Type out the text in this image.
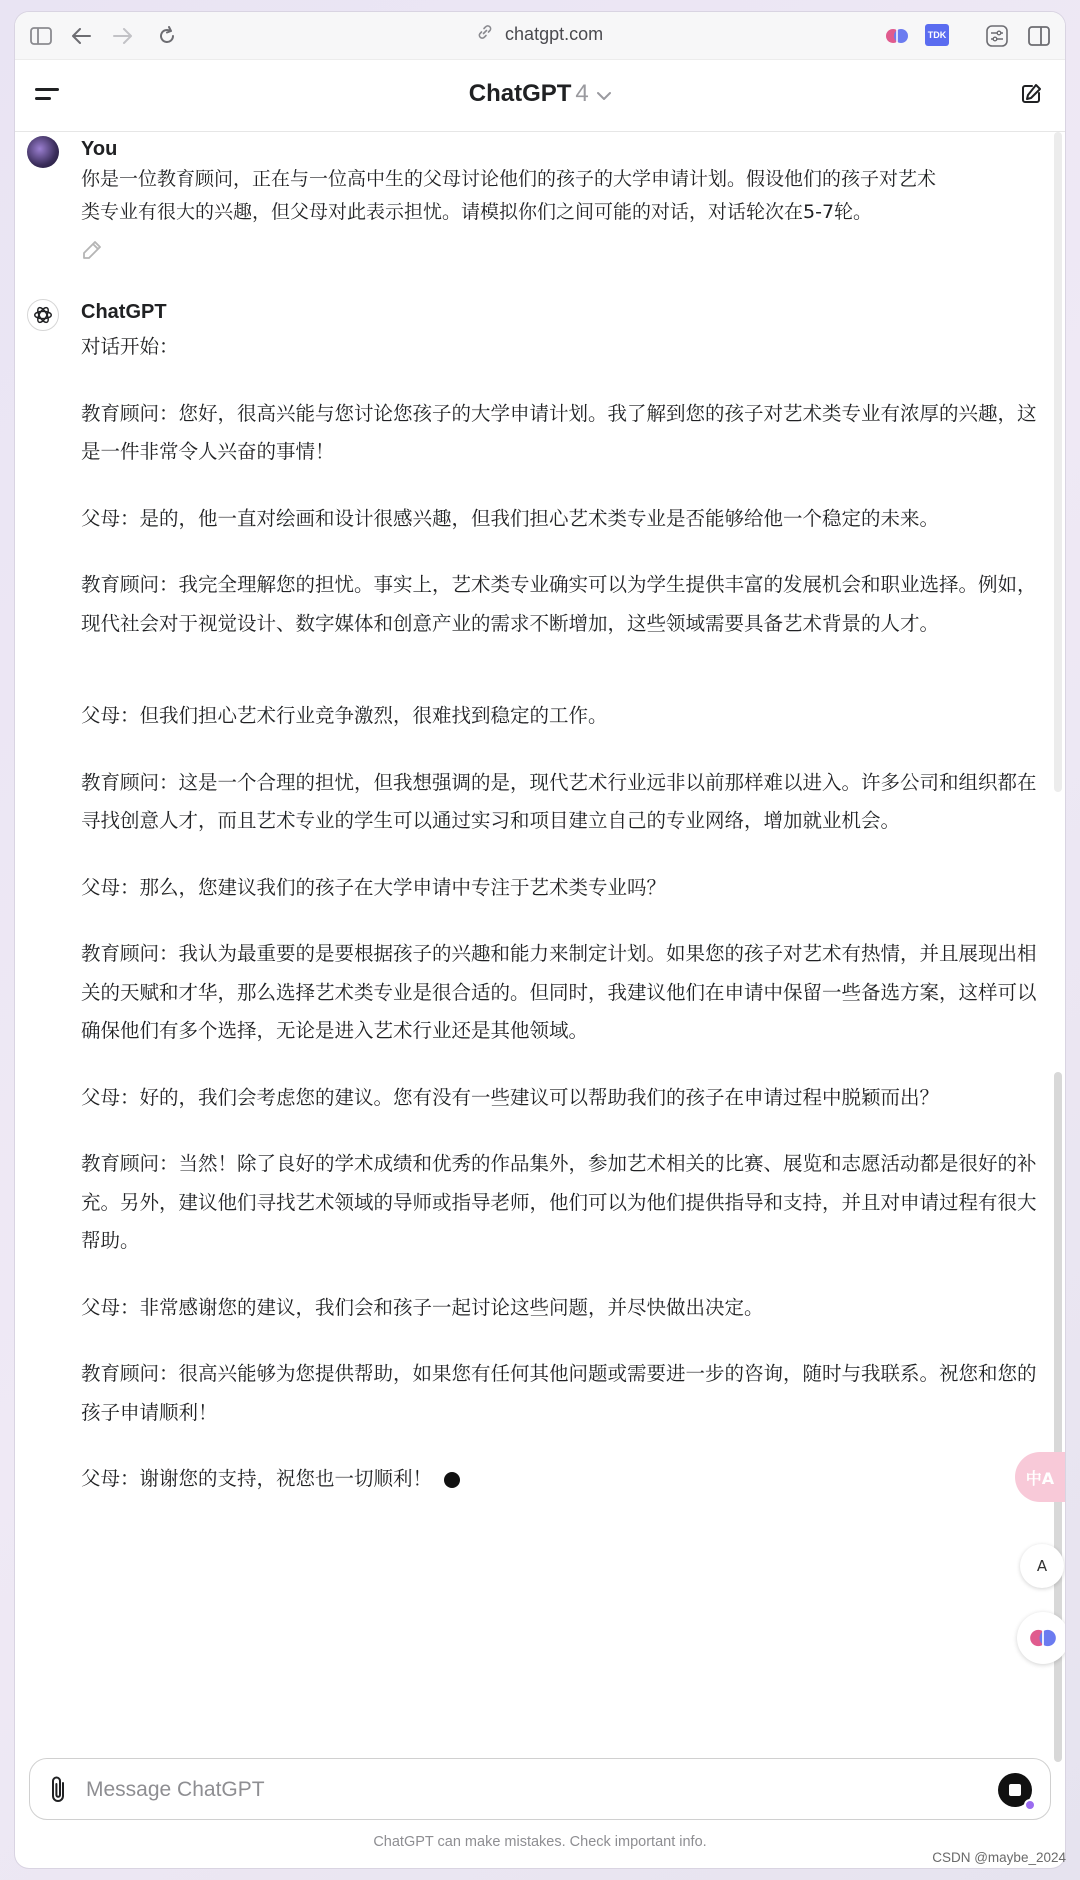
chatgpt.com	TDK
ChatGPT 4
You
你是一位教育顾问，正在与一位高中生的父母讨论他们的孩子的大学申请计划。假设他们的孩子对艺术类专业有很大的兴趣，但父母对此表示担忧。请模拟你们之间可能的对话，对话轮次在5-7轮。
ChatGPT
对话开始：
教育顾问：您好，很高兴能与您讨论您孩子的大学申请计划。我了解到您的孩子对艺术类专业有浓厚的兴趣，这是一件非常令人兴奋的事情！
父母：是的，他一直对绘画和设计很感兴趣，但我们担心艺术类专业是否能够给他一个稳定的未来。
教育顾问：我完全理解您的担忧。事实上，艺术类专业确实可以为学生提供丰富的发展机会和职业选择。例如，现代社会对于视觉设计、数字媒体和创意产业的需求不断增加，这些领域需要具备艺术背景的人才。
父母：但我们担心艺术行业竞争激烈，很难找到稳定的工作。
教育顾问：这是一个合理的担忧，但我想强调的是，现代艺术行业远非以前那样难以进入。许多公司和组织都在寻找创意人才，而且艺术专业的学生可以通过实习和项目建立自己的专业网络，增加就业机会。
父母：那么，您建议我们的孩子在大学申请中专注于艺术类专业吗？
教育顾问：我认为最重要的是要根据孩子的兴趣和能力来制定计划。如果您的孩子对艺术有热情，并且展现出相关的天赋和才华，那么选择艺术类专业是很合适的。但同时，我建议他们在申请中保留一些备选方案，这样可以确保他们有多个选择，无论是进入艺术行业还是其他领域。
父母：好的，我们会考虑您的建议。您有没有一些建议可以帮助我们的孩子在申请过程中脱颖而出？
教育顾问：当然！除了良好的学术成绩和优秀的作品集外，参加艺术相关的比赛、展览和志愿活动都是很好的补充。另外，建议他们寻找艺术领域的导师或指导老师，他们可以为他们提供指导和支持，并且对申请过程有很大帮助。
父母：非常感谢您的建议，我们会和孩子一起讨论这些问题，并尽快做出决定。
教育顾问：很高兴能够为您提供帮助，如果您有任何其他问题或需要进一步的咨询，随时与我联系。祝您和您的孩子申请顺利！
父母：谢谢您的支持，祝您也一切顺利！	中A
A
Message ChatGPT
ChatGPT can make mistakes. Check important info.
CSDN @maybe_2024
